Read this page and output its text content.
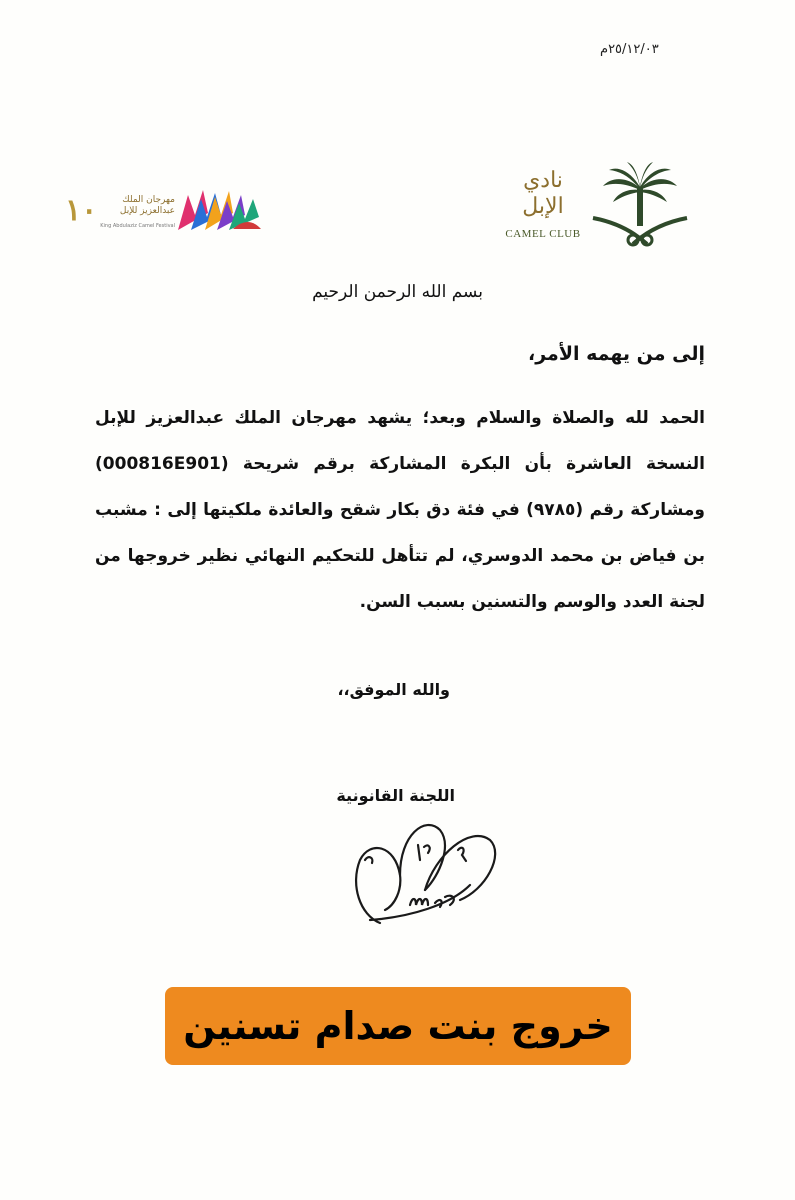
٢٥/١٢/٠٣م
نادي الإبل
CAMEL CLUB
١٠	مهرجان الملك عبدالعزيز للإبل
King Abdulaziz Camel Festival
بسم الله الرحمن الرحيم
إلى من يهمه الأمر،
الحمد لله والصلاة والسلام وبعد؛ يشهد مهرجان الملك عبدالعزيز للإبل النسخة العاشرة بأن البكرة المشاركة برقم شريحة (000816E901) ومشاركة رقم (٩٧٨٥) في فئة دق بكار شقح والعائدة ملكيتها إلى : مشبب بن فياض بن محمد الدوسري، لم تتأهل للتحكيم النهائي نظير خروجها من لجنة العدد والوسم والتسنين بسبب السن.
والله الموفق،،
اللجنة القانونية
خروج بنت صدام تسنين
